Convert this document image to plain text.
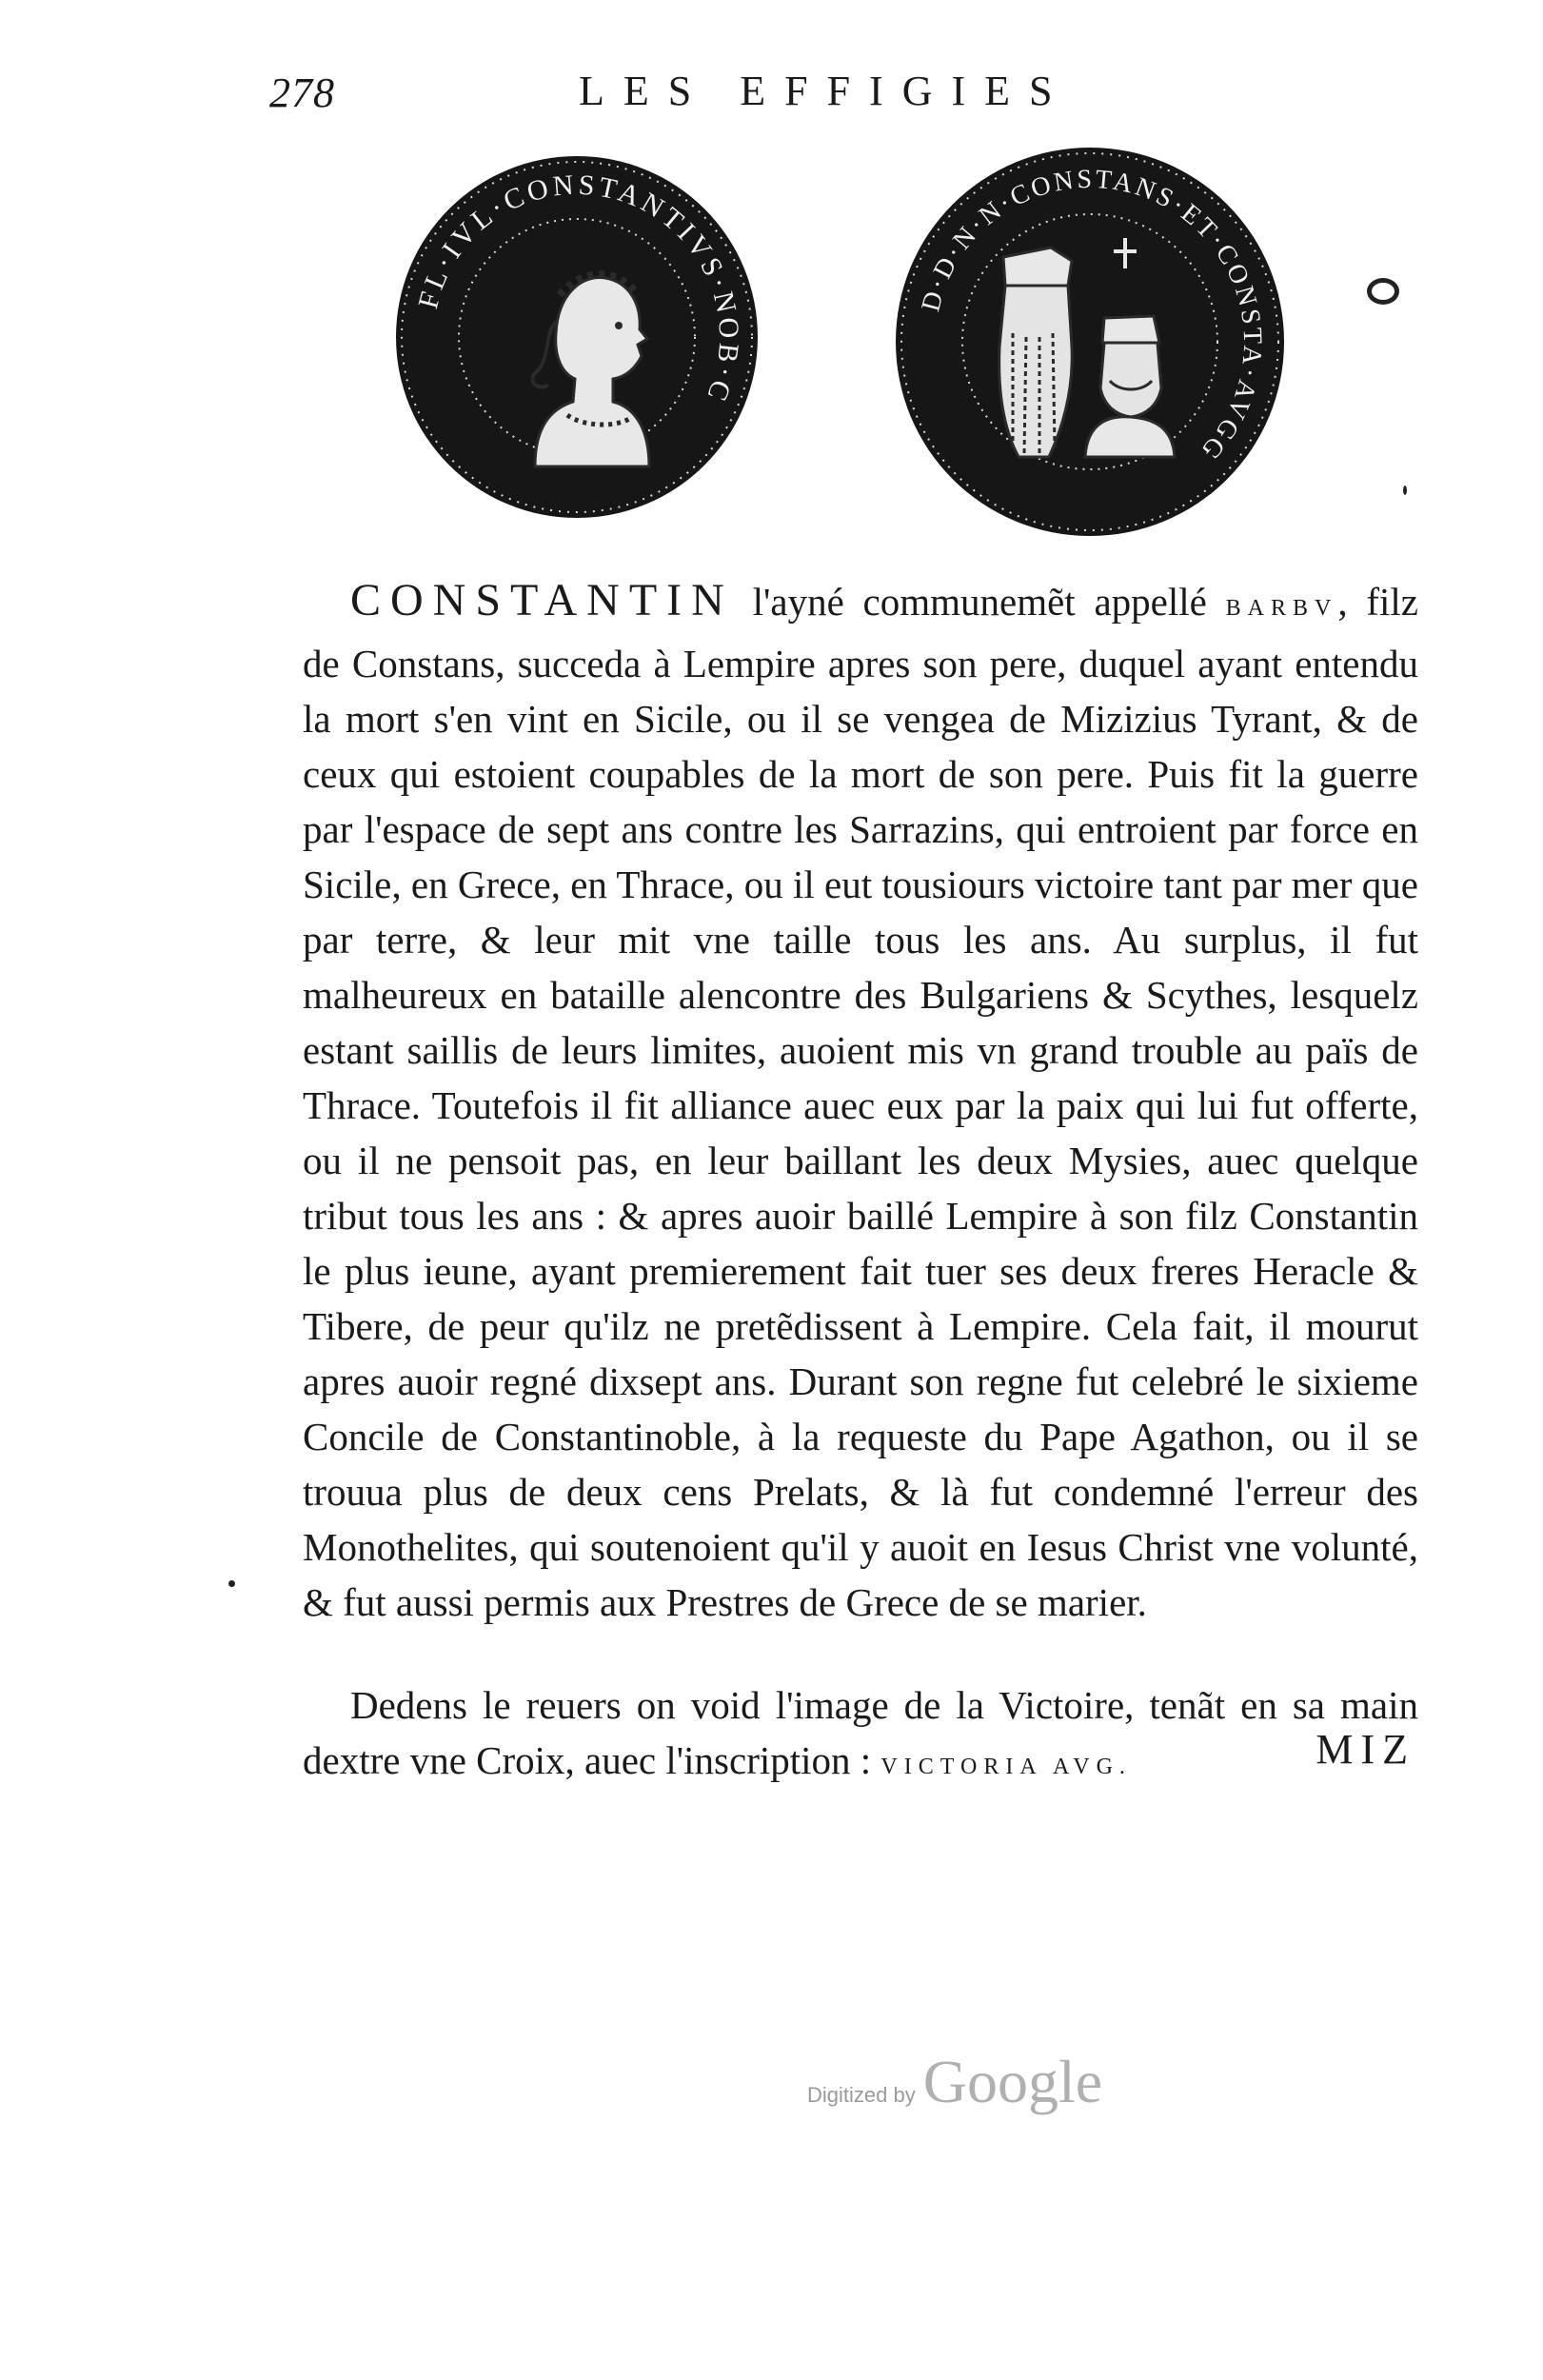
278	LES EFFIGIES
FL·IVL·CONSTANTIVS·NOB·C
D·D·N·N·CONSTANS·ET·CONSTA·AVGG

CONSTANTIN l'ayné communemẽt appellé BARBV, filz de Constans, succeda à Lempire apres son pere, duquel ayant entendu la mort s'en vint en Sicile, ou il se vengea de Mizizius Tyrant, & de ceux qui estoient coupables de la mort de son pere. Puis fit la guerre par l'espace de sept ans contre les Sarrazins, qui entroient par force en Sicile, en Grece, en Thrace, ou il eut tousiours victoire tant par mer que par terre, & leur mit vne taille tous les ans. Au surplus, il fut malheureux en bataille alencontre des Bulgariens & Scythes, lesquelz estant saillis de leurs limites, auoient mis vn grand trouble au païs de Thrace. Toutefois il fit alliance auec eux par la paix qui lui fut offerte, ou il ne pensoit pas, en leur baillant les deux Mysies, auec quelque tribut tous les ans : & apres auoir baillé Lempire à son filz Constantin le plus ieune, ayant premierement fait tuer ses deux freres Heracle & Tibere, de peur qu'ilz ne pretẽdissent à Lempire. Cela fait, il mourut apres auoir regné dixsept ans. Durant son regne fut celebré le sixieme Concile de Constantinoble, à la requeste du Pape Agathon, ou il se trouua plus de deux cens Prelats, & là fut condemné l'erreur des Monothelites, qui soutenoient qu'il y auoit en Iesus Christ vne volunté, & fut aussi permis aux Prestres de Grece de se marier.

Dedens le reuers on void l'image de la Victoire, tenãt en sa main dextre vne Croix, auec l'inscription : VICTORIA AVG.	MIZ
Digitized by Google
